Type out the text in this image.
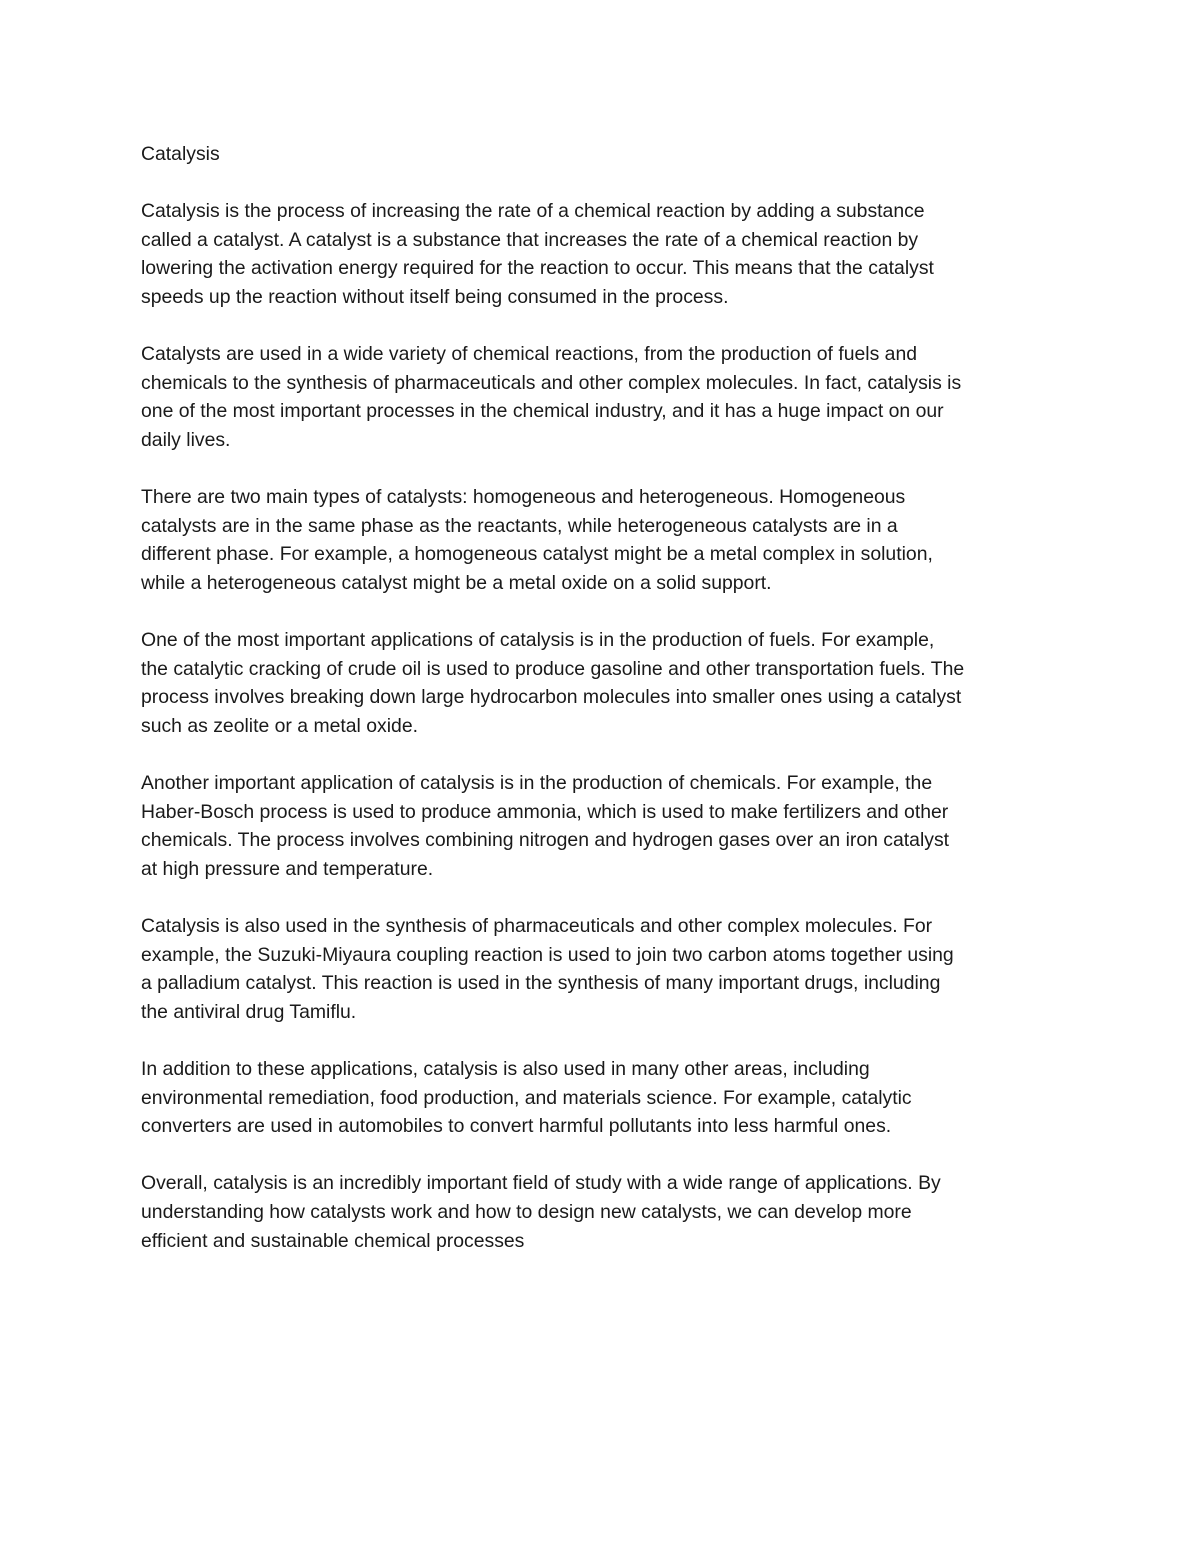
Catalysis

Catalysis is the process of increasing the rate of a chemical reaction by adding a substance
called a catalyst. A catalyst is a substance that increases the rate of a chemical reaction by
lowering the activation energy required for the reaction to occur. This means that the catalyst
speeds up the reaction without itself being consumed in the process.

Catalysts are used in a wide variety of chemical reactions, from the production of fuels and
chemicals to the synthesis of pharmaceuticals and other complex molecules. In fact, catalysis is
one of the most important processes in the chemical industry, and it has a huge impact on our
daily lives.

There are two main types of catalysts: homogeneous and heterogeneous. Homogeneous
catalysts are in the same phase as the reactants, while heterogeneous catalysts are in a
different phase. For example, a homogeneous catalyst might be a metal complex in solution,
while a heterogeneous catalyst might be a metal oxide on a solid support.

One of the most important applications of catalysis is in the production of fuels. For example,
the catalytic cracking of crude oil is used to produce gasoline and other transportation fuels. The
process involves breaking down large hydrocarbon molecules into smaller ones using a catalyst
such as zeolite or a metal oxide.

Another important application of catalysis is in the production of chemicals. For example, the
Haber-Bosch process is used to produce ammonia, which is used to make fertilizers and other
chemicals. The process involves combining nitrogen and hydrogen gases over an iron catalyst
at high pressure and temperature.

Catalysis is also used in the synthesis of pharmaceuticals and other complex molecules. For
example, the Suzuki-Miyaura coupling reaction is used to join two carbon atoms together using
a palladium catalyst. This reaction is used in the synthesis of many important drugs, including
the antiviral drug Tamiflu.

In addition to these applications, catalysis is also used in many other areas, including
environmental remediation, food production, and materials science. For example, catalytic
converters are used in automobiles to convert harmful pollutants into less harmful ones.

Overall, catalysis is an incredibly important field of study with a wide range of applications. By
understanding how catalysts work and how to design new catalysts, we can develop more
efficient and sustainable chemical processes
